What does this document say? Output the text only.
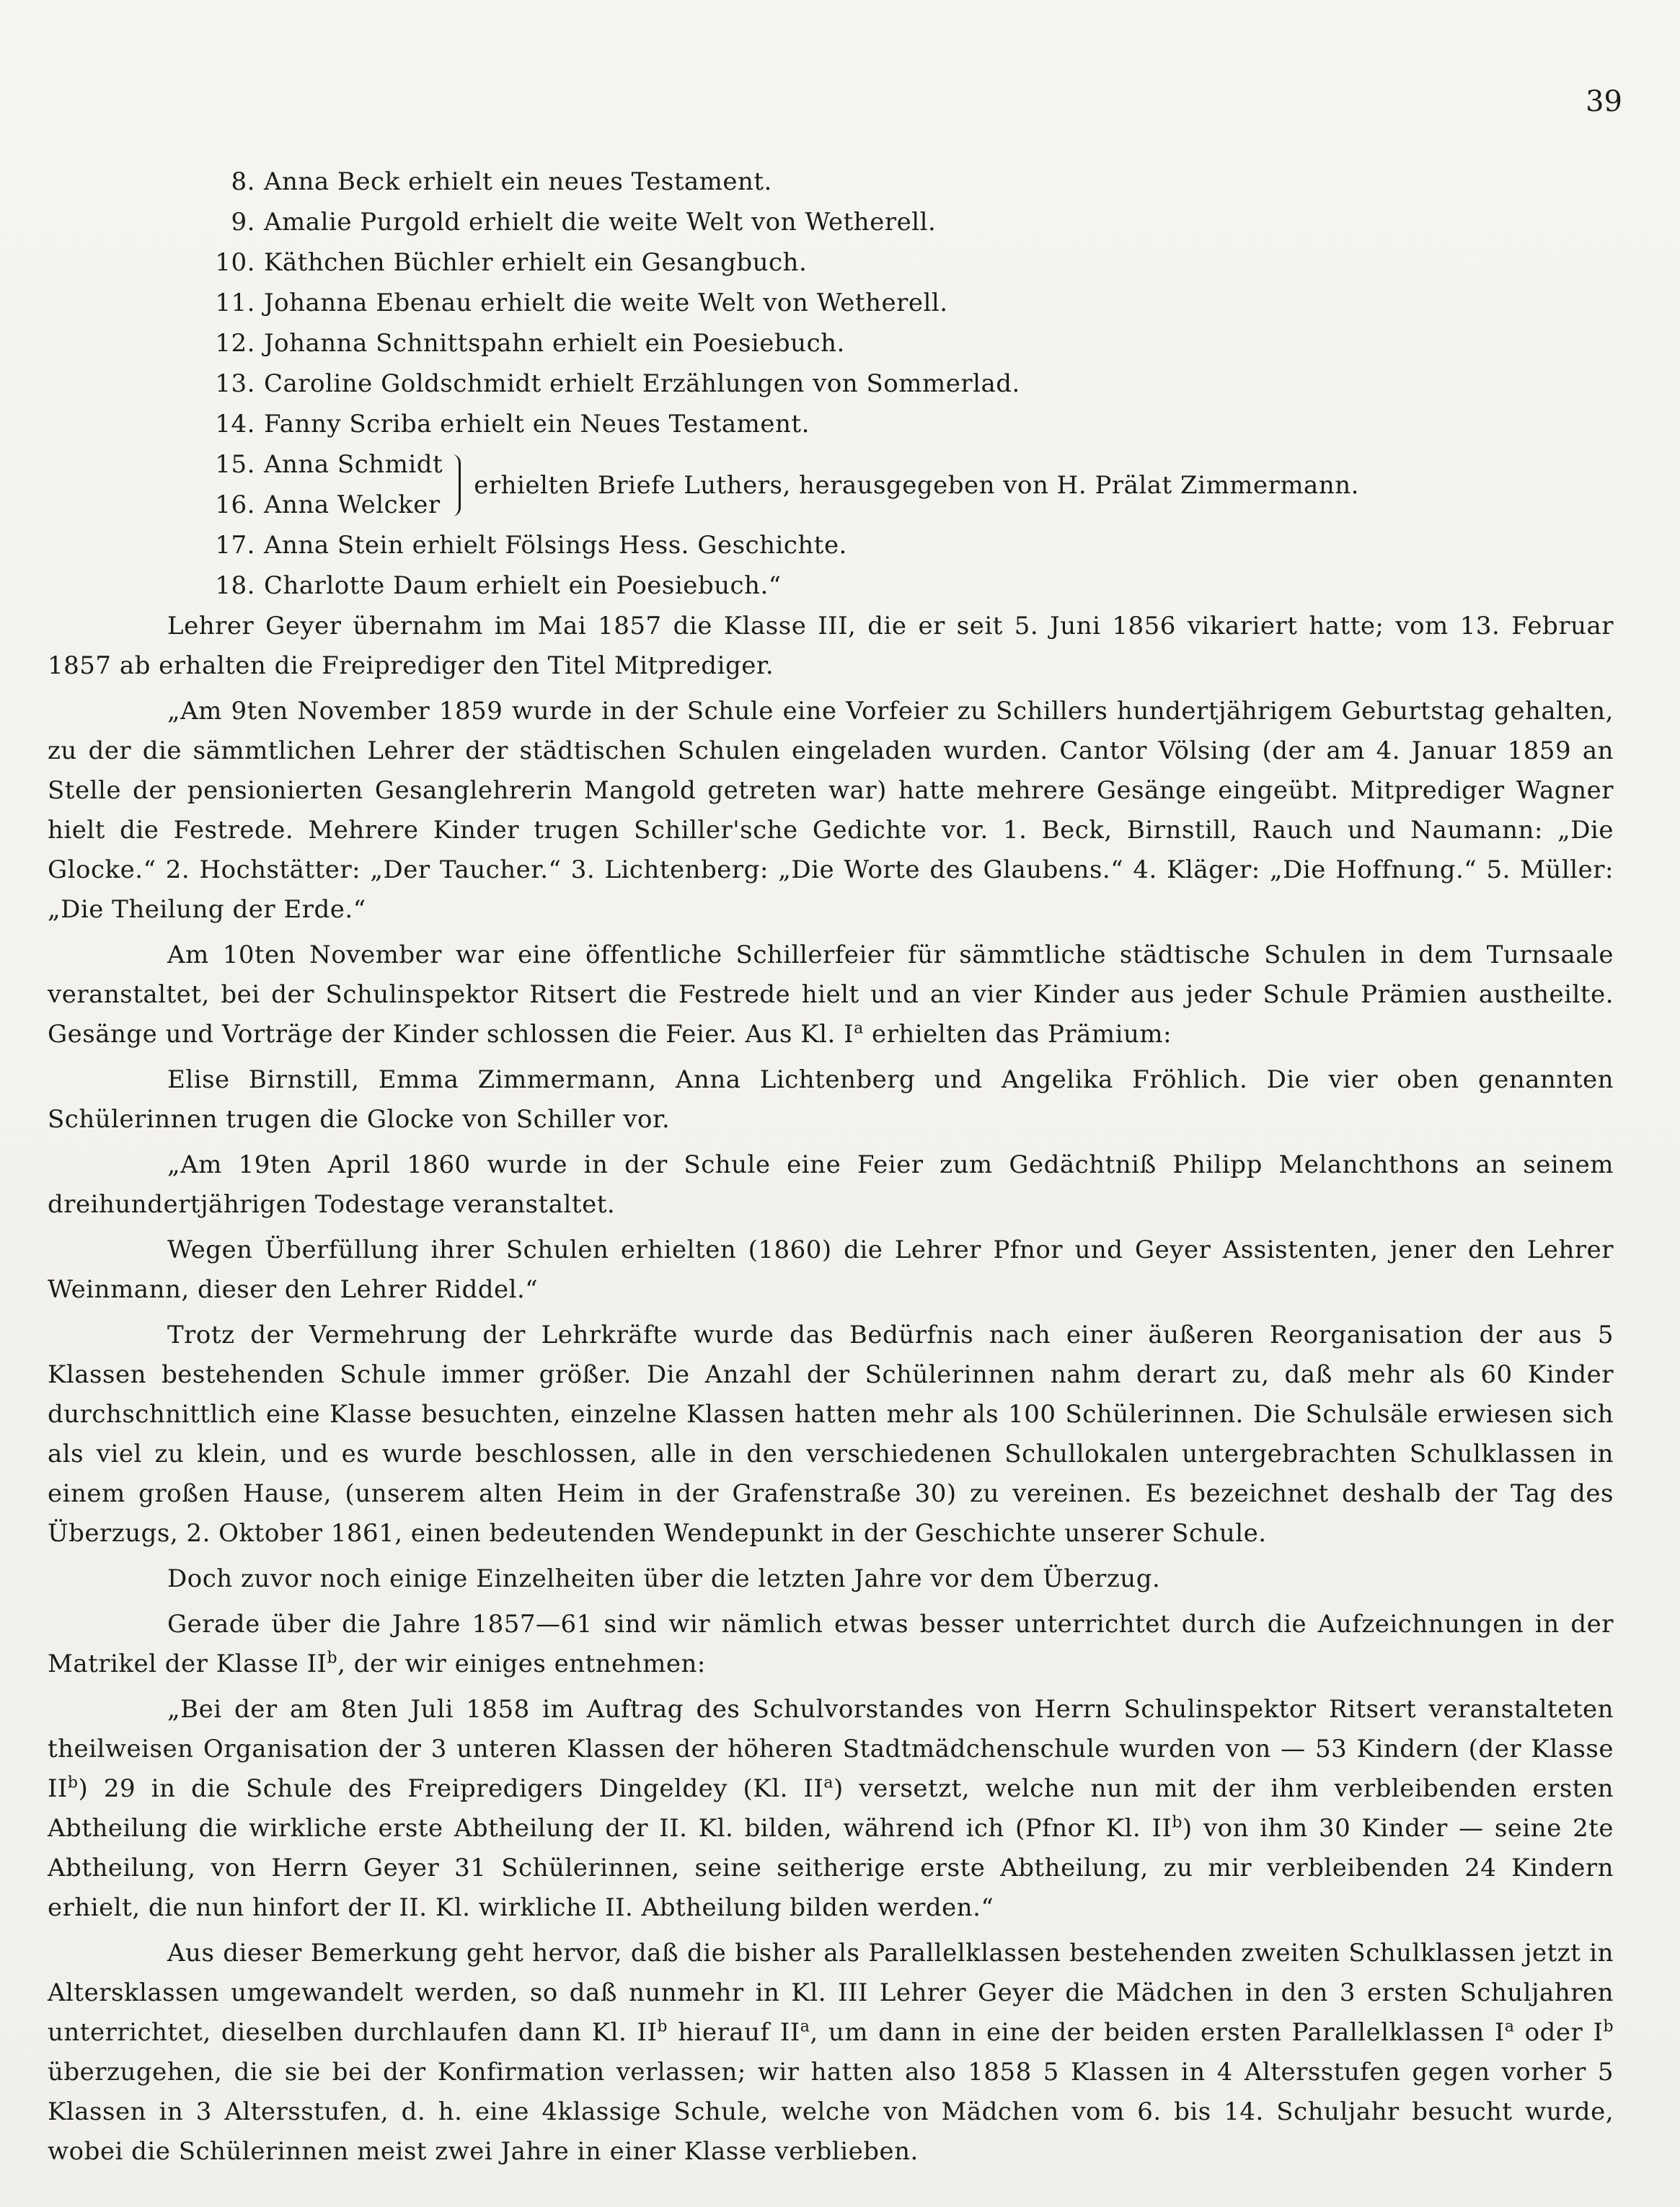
39
8. Anna Beck erhielt ein neues Testament.
9. Amalie Purgold erhielt die weite Welt von Wetherell.
10. Käthchen Büchler erhielt ein Gesangbuch.
11. Johanna Ebenau erhielt die weite Welt von Wetherell.
12. Johanna Schnittspahn erhielt ein Poesiebuch.
13. Caroline Goldschmidt erhielt Erzählungen von Sommerlad.
14. Fanny Scriba erhielt ein Neues Testament.
15. Anna Schmidt
16. Anna Welcker
erhielten Briefe Luthers, herausgegeben von H. Prälat Zimmermann.
17. Anna Stein erhielt Fölsings Hess. Geschichte.
18. Charlotte Daum erhielt ein Poesiebuch.“

Lehrer Geyer übernahm im Mai 1857 die Klasse III, die er seit 5. Juni 1856 vikariert hatte; vom 13. Februar 1857 ab erhalten die Freiprediger den Titel Mitprediger.

„Am 9ten November 1859 wurde in der Schule eine Vorfeier zu Schillers hundertjährigem Geburtstag gehalten, zu der die sämmtlichen Lehrer der städtischen Schulen eingeladen wurden. Cantor Völsing (der am 4. Januar 1859 an Stelle der pensionierten Gesanglehrerin Mangold getreten war) hatte mehrere Gesänge eingeübt. Mitprediger Wagner hielt die Festrede. Mehrere Kinder trugen Schiller'sche Gedichte vor. 1. Beck, Birnstill, Rauch und Naumann: „Die Glocke.“ 2. Hochstätter: „Der Taucher.“ 3. Lichtenberg: „Die Worte des Glaubens.“ 4. Kläger: „Die Hoffnung.“ 5. Müller: „Die Theilung der Erde.“

Am 10ten November war eine öffentliche Schillerfeier für sämmtliche städtische Schulen in dem Turnsaale veranstaltet, bei der Schulinspektor Ritsert die Festrede hielt und an vier Kinder aus jeder Schule Prämien austheilte. Gesänge und Vorträge der Kinder schlossen die Feier. Aus Kl. $I^a$ erhielten das Prämium:

Elise Birnstill, Emma Zimmermann, Anna Lichtenberg und Angelika Fröhlich. Die vier oben genannten Schülerinnen trugen die Glocke von Schiller vor.

„Am 19ten April 1860 wurde in der Schule eine Feier zum Gedächtniß Philipp Melanchthons an seinem dreihundertjährigen Todestage veranstaltet.

Wegen Überfüllung ihrer Schulen erhielten (1860) die Lehrer Pfnor und Geyer Assistenten, jener den Lehrer Weinmann, dieser den Lehrer Riddel.“

Trotz der Vermehrung der Lehrkräfte wurde das Bedürfnis nach einer äußeren Reorganisation der aus 5 Klassen bestehenden Schule immer größer. Die Anzahl der Schülerinnen nahm derart zu, daß mehr als 60 Kinder durchschnittlich eine Klasse besuchten, einzelne Klassen hatten mehr als 100 Schülerinnen. Die Schulsäle erwiesen sich als viel zu klein, und es wurde beschlossen, alle in den verschiedenen Schullokalen untergebrachten Schulklassen in einem großen Hause, (unserem alten Heim in der Grafenstraße 30) zu vereinen. Es bezeichnet deshalb der Tag des Überzugs, 2. Oktober 1861, einen bedeutenden Wendepunkt in der Geschichte unserer Schule.

Doch zuvor noch einige Einzelheiten über die letzten Jahre vor dem Überzug.

Gerade über die Jahre 1857—61 sind wir nämlich etwas besser unterrichtet durch die Aufzeichnungen in der Matrikel der Klasse $II^b$, der wir einiges entnehmen:

„Bei der am 8ten Juli 1858 im Auftrag des Schulvorstandes von Herrn Schulinspektor Ritsert veranstalteten theilweisen Organisation der 3 unteren Klassen der höheren Stadtmädchenschule wurden von — 53 Kindern (der Klasse $II^b$) 29 in die Schule des Freipredigers Dingeldey (Kl. $II^a$) versetzt, welche nun mit der ihm verbleibenden ersten Abtheilung die wirkliche erste Abtheilung der II. Kl. bilden, während ich (Pfnor Kl. $II^b$) von ihm 30 Kinder — seine 2te Abtheilung, von Herrn Geyer 31 Schülerinnen, seine seitherige erste Abtheilung, zu mir verbleibenden 24 Kindern erhielt, die nun hinfort der II. Kl. wirkliche II. Abtheilung bilden werden.“

Aus dieser Bemerkung geht hervor, daß die bisher als Parallelklassen bestehenden zweiten Schulklassen jetzt in Altersklassen umgewandelt werden, so daß nunmehr in Kl. III Lehrer Geyer die Mädchen in den 3 ersten Schuljahren unterrichtet, dieselben durchlaufen dann Kl. $II^b$ hierauf $II^a$, um dann in eine der beiden ersten Parallelklassen $I^a$ oder $I^b$ überzugehen, die sie bei der Konfirmation verlassen; wir hatten also 1858 5 Klassen in 4 Altersstufen gegen vorher 5 Klassen in 3 Altersstufen, d. h. eine 4klassige Schule, welche von Mädchen vom 6. bis 14. Schuljahr besucht wurde, wobei die Schülerinnen meist zwei Jahre in einer Klasse verblieben.
